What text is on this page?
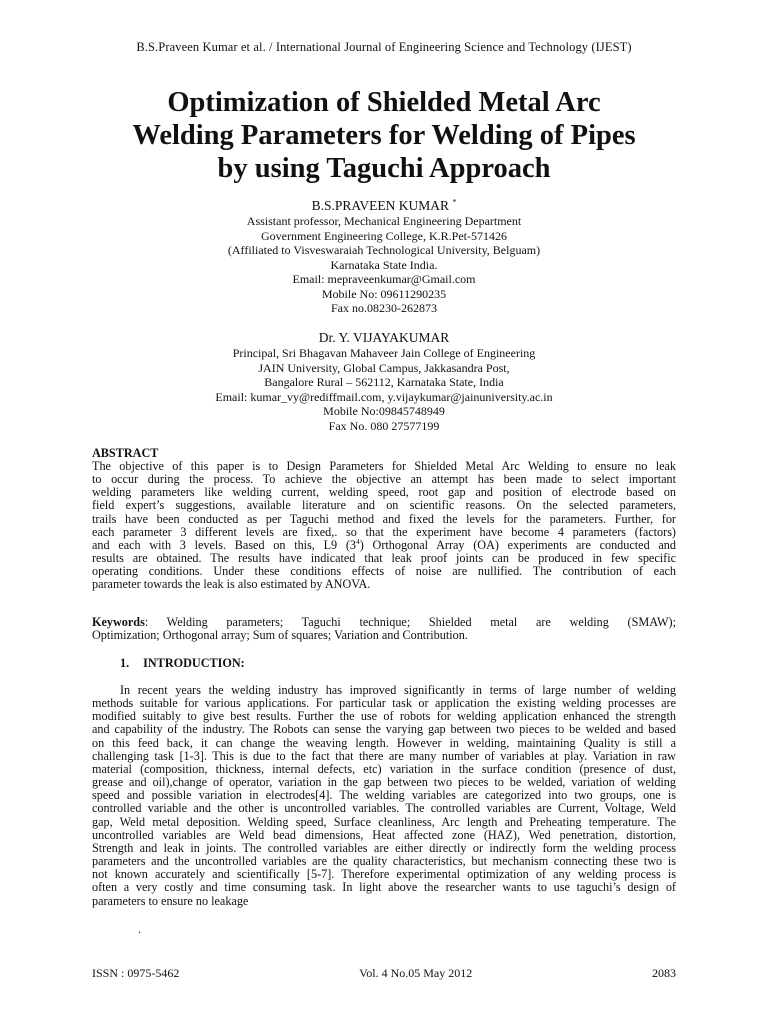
B.S.Praveen Kumar et al. / International Journal of Engineering Science and Technology (IJEST)
Optimization of Shielded Metal Arc
Welding Parameters for Welding of Pipes
by using Taguchi Approach
B.S.PRAVEEN KUMAR *
Assistant professor, Mechanical Engineering Department
Government Engineering College, K.R.Pet-571426
(Affiliated to Visveswaraiah Technological University, Belguam)
Karnataka State India.
Email: mepraveenkumar@Gmail.com
Mobile No: 09611290235
Fax no.08230-262873
Dr. Y. VIJAYAKUMAR
Principal, Sri Bhagavan Mahaveer Jain College of Engineering
JAIN University, Global Campus, Jakkasandra Post,
Bangalore Rural – 562112, Karnataka State, India
Email: kumar_vy@rediffmail.com, y.vijaykumar@jainuniversity.ac.in
Mobile No:09845748949
Fax No. 080 27577199
ABSTRACT
The objective of this paper is to Design Parameters for Shielded Metal Arc Welding to ensure no leak
to occur during the process. To achieve the objective an attempt has been made to select important
welding parameters like welding current, welding speed, root gap and position of electrode based on
field expert’s suggestions, available literature and on scientific reasons. On the selected parameters,
trails have been conducted as per Taguchi method and fixed the levels for the parameters. Further, for
each parameter 3 different levels are fixed,. so that the experiment have become 4 parameters (factors)
and each with 3 levels. Based on this, L9 $(3^4)$ Orthogonal Array (OA) experiments are conducted and
results are obtained. The results have indicated that leak proof joints can be produced in few specific
operating conditions. Under these conditions effects of noise are nullified. The contribution of each
parameter towards the leak is also estimated by ANOVA.
Keywords: Welding parameters; Taguchi technique; Shielded metal are welding (SMAW);
Optimization; Orthogonal array; Sum of squares; Variation and Contribution.
1. INTRODUCTION:
In recent years the welding industry has improved significantly in terms of large number of welding
methods suitable for various applications. For particular task or application the existing welding processes are
modified suitably to give best results. Further the use of robots for welding application enhanced the strength
and capability of the industry. The Robots can sense the varying gap between two pieces to be welded and based
on this feed back, it can change the weaving length. However in welding, maintaining Quality is still a
challenging task [1-3]. This is due to the fact that there are many number of variables at play. Variation in raw
material (composition, thickness, internal defects, etc) variation in the surface condition (presence of dust,
grease and oil),change of operator, variation in the gap between two pieces to be welded, variation of welding
speed and possible variation in electrodes[4]. The welding variables are categorized into two groups, one is
controlled variable and the other is uncontrolled variables. The controlled variables are Current, Voltage, Weld
gap, Weld metal deposition. Welding speed, Surface cleanliness, Arc length and Preheating temperature. The
uncontrolled variables are Weld bead dimensions, Heat affected zone (HAZ), Wed penetration, distortion,
Strength and leak in joints. The controlled variables are either directly or indirectly form the welding process
parameters and the uncontrolled variables are the quality characteristics, but mechanism connecting these two is
not known accurately and scientifically [5-7]. Therefore experimental optimization of any welding process is
often a very costly and time consuming task. In light above the researcher wants to use taguchi’s design of
parameters to ensure no leakage
.
ISSN : 0975-5462	Vol. 4 No.05 May 2012	2083
